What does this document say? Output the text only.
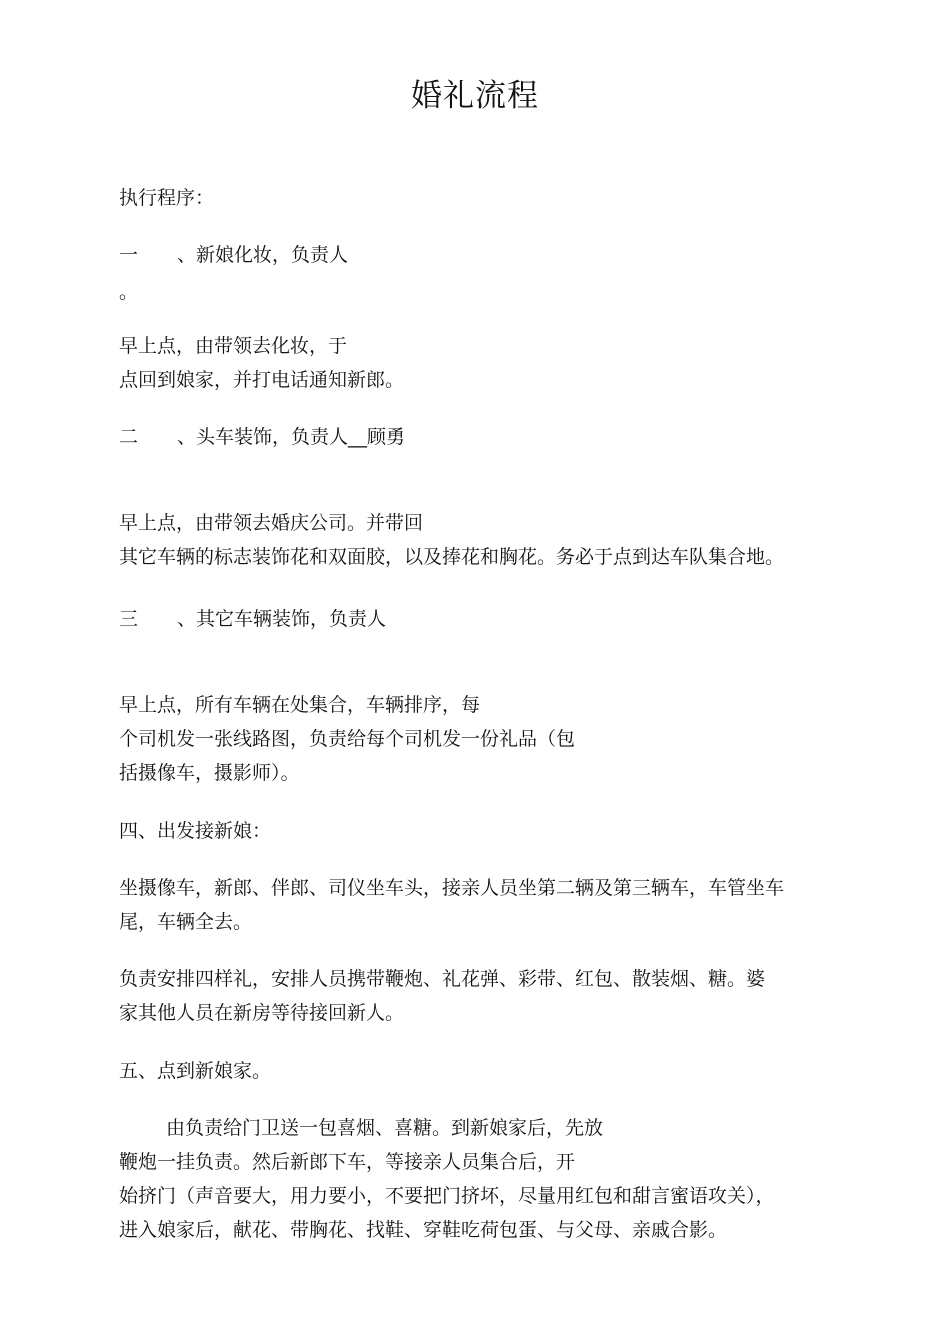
婚礼流程

执行程序：

一 、新娘化妆，负责人

。

早上点，由带领去化妆，于

点回到娘家，并打电话通知新郎。

二 、头车装饰，负责人__顾勇

早上点，由带领去婚庆公司。并带回

其它车辆的标志装饰花和双面胶，以及捧花和胸花。务必于点到达车队集合地。

三 、其它车辆装饰，负责人

早上点，所有车辆在处集合，车辆排序，每

个司机发一张线路图，负责给每个司机发一份礼品（包

括摄像车，摄影师）。

四、出发接新娘：

坐摄像车，新郎、伴郎、司仪坐车头，接亲人员坐第二辆及第三辆车，车管坐车

尾，车辆全去。

负责安排四样礼，安排人员携带鞭炮、礼花弹、彩带、红包、散装烟、糖。婆

家其他人员在新房等待接回新人。

五、点到新娘家。

由负责给门卫送一包喜烟、喜糖。到新娘家后，先放

鞭炮一挂负责。然后新郎下车，等接亲人员集合后，开

始挤门（声音要大，用力要小，不要把门挤坏，尽量用红包和甜言蜜语攻关），

进入娘家后，献花、带胸花、找鞋、穿鞋吃荷包蛋、与父母、亲戚合影。
